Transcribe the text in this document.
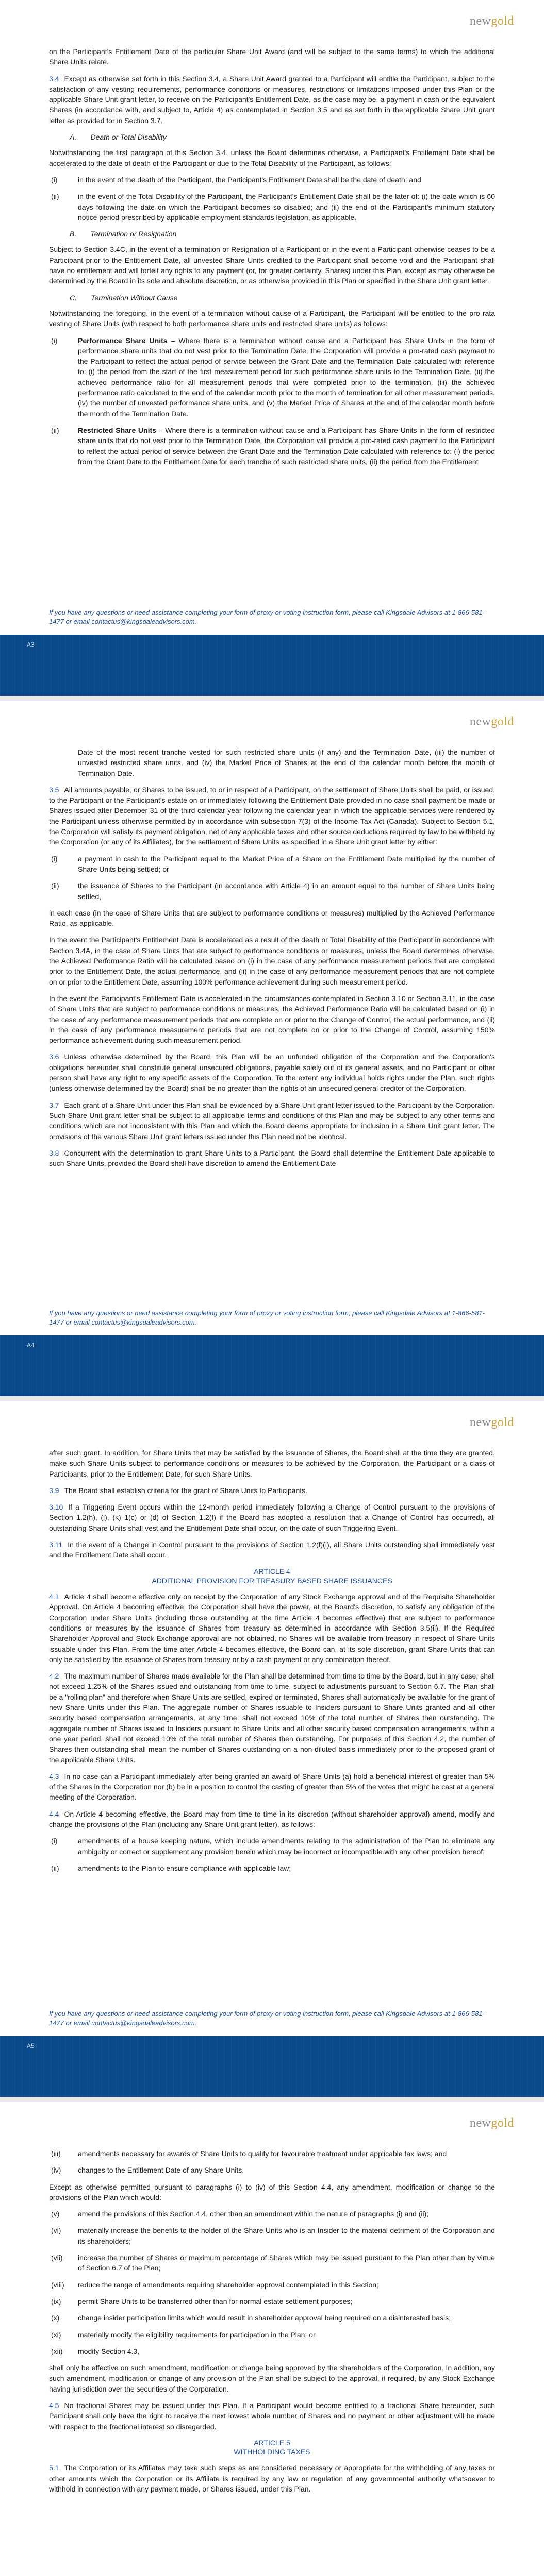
newgold

on the Participant's Entitlement Date of the particular Share Unit Award (and will be subject to the same terms) to which the additional Share Units relate.

3.4 Except as otherwise set forth in this Section 3.4, a Share Unit Award granted to a Participant will entitle the Participant, subject to the satisfaction of any vesting requirements, performance conditions or measures, restrictions or limitations imposed under this Plan or the applicable Share Unit grant letter, to receive on the Participant's Entitlement Date, as the case may be, a payment in cash or the equivalent Shares (in accordance with, and subject to, Article 4) as contemplated in Section 3.5 and as set forth in the applicable Share Unit grant letter as provided for in Section 3.7.

A.       Death or Total Disability

Notwithstanding the first paragraph of this Section 3.4, unless the Board determines otherwise, a Participant's Entitlement Date shall be accelerated to the date of death of the Participant or due to the Total Disability of the Participant, as follows:

(i)	in the event of the death of the Participant, the Participant's Entitlement Date shall be the date of death; and
(ii)	in the event of the Total Disability of the Participant, the Participant's Entitlement Date shall be the later of: (i) the date which is 60 days following the date on which the Participant becomes so disabled; and (ii) the end of the Participant's minimum statutory notice period prescribed by applicable employment standards legislation, as applicable.

B.       Termination or Resignation

Subject to Section 3.4C, in the event of a termination or Resignation of a Participant or in the event a Participant otherwise ceases to be a Participant prior to the Entitlement Date, all unvested Share Units credited to the Participant shall become void and the Participant shall have no entitlement and will forfeit any rights to any payment (or, for greater certainty, Shares) under this Plan, except as may otherwise be determined by the Board in its sole and absolute discretion, or as otherwise provided in this Plan or specified in the Share Unit grant letter.

C.       Termination Without Cause

Notwithstanding the foregoing, in the event of a termination without cause of a Participant, the Participant will be entitled to the pro rata vesting of Share Units (with respect to both performance share units and restricted share units) as follows:

(i)	Performance Share Units – Where there is a termination without cause and a Participant has Share Units in the form of performance share units that do not vest prior to the Termination Date, the Corporation will provide a pro-rated cash payment to the Participant to reflect the actual period of service between the Grant Date and the Termination Date calculated with reference to: (i) the period from the start of the first measurement period for such performance share units to the Termination Date, (ii) the achieved performance ratio for all measurement periods that were completed prior to the termination, (iii) the achieved performance ratio calculated to the end of the calendar month prior to the month of termination for all other measurement periods, (iv) the number of unvested performance share units, and (v) the Market Price of Shares at the end of the calendar month before the month of the Termination Date.
(ii)	Restricted Share Units – Where there is a termination without cause and a Participant has Share Units in the form of restricted share units that do not vest prior to the Termination Date, the Corporation will provide a pro-rated cash payment to the Participant to reflect the actual period of service between the Grant Date and the Termination Date calculated with reference to: (i) the period from the Grant Date to the Entitlement Date for each tranche of such restricted share units, (ii) the period from the Entitlement
If you have any questions or need assistance completing your form of proxy or voting instruction form, please call Kingsdale Advisors at 1-866-581-1477 or email contactus@kingsdaleadvisors.com.
A3
newgold
Date of the most recent tranche vested for such restricted share units (if any) and the Termination Date, (iii) the number of unvested restricted share units, and (iv) the Market Price of Shares at the end of the calendar month before the month of Termination Date.

3.5 All amounts payable, or Shares to be issued, to or in respect of a Participant, on the settlement of Share Units shall be paid, or issued, to the Participant or the Participant's estate on or immediately following the Entitlement Date provided in no case shall payment be made or Shares issued after December 31 of the third calendar year following the calendar year in which the applicable services were rendered by the Participant unless otherwise permitted by in accordance with subsection 7(3) of the Income Tax Act (Canada). Subject to Section 5.1, the Corporation will satisfy its payment obligation, net of any applicable taxes and other source deductions required by law to be withheld by the Corporation (or any of its Affiliates), for the settlement of Share Units as specified in a Share Unit grant letter by either:

(i)	a payment in cash to the Participant equal to the Market Price of a Share on the Entitlement Date multiplied by the number of Share Units being settled; or
(ii)	the issuance of Shares to the Participant (in accordance with Article 4) in an amount equal to the number of Share Units being settled,

in each case (in the case of Share Units that are subject to performance conditions or measures) multiplied by the Achieved Performance Ratio, as applicable.

In the event the Participant's Entitlement Date is accelerated as a result of the death or Total Disability of the Participant in accordance with Section 3.4A, in the case of Share Units that are subject to performance conditions or measures, unless the Board determines otherwise, the Achieved Performance Ratio will be calculated based on (i) in the case of any performance measurement periods that are completed prior to the Entitlement Date, the actual performance, and (ii) in the case of any performance measurement periods that are not complete on or prior to the Entitlement Date, assuming 100% performance achievement during such measurement period.

In the event the Participant's Entitlement Date is accelerated in the circumstances contemplated in Section 3.10 or Section 3.11, in the case of Share Units that are subject to performance conditions or measures, the Achieved Performance Ratio will be calculated based on (i) in the case of any performance measurement periods that are complete on or prior to the Change of Control, the actual performance, and (ii) in the case of any performance measurement periods that are not complete on or prior to the Change of Control, assuming 150% performance achievement during such measurement period.

3.6 Unless otherwise determined by the Board, this Plan will be an unfunded obligation of the Corporation and the Corporation's obligations hereunder shall constitute general unsecured obligations, payable solely out of its general assets, and no Participant or other person shall have any right to any specific assets of the Corporation. To the extent any individual holds rights under the Plan, such rights (unless otherwise determined by the Board) shall be no greater than the rights of an unsecured general creditor of the Corporation.

3.7 Each grant of a Share Unit under this Plan shall be evidenced by a Share Unit grant letter issued to the Participant by the Corporation. Such Share Unit grant letter shall be subject to all applicable terms and conditions of this Plan and may be subject to any other terms and conditions which are not inconsistent with this Plan and which the Board deems appropriate for inclusion in a Share Unit grant letter. The provisions of the various Share Unit grant letters issued under this Plan need not be identical.

3.8 Concurrent with the determination to grant Share Units to a Participant, the Board shall determine the Entitlement Date applicable to such Share Units, provided the Board shall have discretion to amend the Entitlement Date

If you have any questions or need assistance completing your form of proxy or voting instruction form, please call Kingsdale Advisors at 1-866-581-1477 or email contactus@kingsdaleadvisors.com.
A4
newgold

after such grant. In addition, for Share Units that may be satisfied by the issuance of Shares, the Board shall at the time they are granted, make such Share Units subject to performance conditions or measures to be achieved by the Corporation, the Participant or a class of Participants, prior to the Entitlement Date, for such Share Units.

3.9 The Board shall establish criteria for the grant of Share Units to Participants.

3.10 If a Triggering Event occurs within the 12-month period immediately following a Change of Control pursuant to the provisions of Section 1.2(h), (i), (k) 1(c) or (d) of Section 1.2(f) if the Board has adopted a resolution that a Change of Control has occurred), all outstanding Share Units shall vest and the Entitlement Date shall occur, on the date of such Triggering Event.

3.11 In the event of a Change in Control pursuant to the provisions of Section 1.2(f)(i), all Share Units outstanding shall immediately vest and the Entitlement Date shall occur.

ARTICLE 4
ADDITIONAL PROVISION FOR TREASURY BASED SHARE ISSUANCES

4.1 Article 4 shall become effective only on receipt by the Corporation of any Stock Exchange approval and of the Requisite Shareholder Approval. On Article 4 becoming effective, the Corporation shall have the power, at the Board's discretion, to satisfy any obligation of the Corporation under Share Units (including those outstanding at the time Article 4 becomes effective) that are subject to performance conditions or measures by the issuance of Shares from treasury as determined in accordance with Section 3.5(ii). If the Required Shareholder Approval and Stock Exchange approval are not obtained, no Shares will be available from treasury in respect of Share Units issuable under this Plan. From the time after Article 4 becomes effective, the Board can, at its sole discretion, grant Share Units that can only be satisfied by the issuance of Shares from treasury or by a cash payment or any combination thereof.

4.2 The maximum number of Shares made available for the Plan shall be determined from time to time by the Board, but in any case, shall not exceed 1.25% of the Shares issued and outstanding from time to time, subject to adjustments pursuant to Section 6.7. The Plan shall be a "rolling plan" and therefore when Share Units are settled, expired or terminated, Shares shall automatically be available for the grant of new Share Units under this Plan. The aggregate number of Shares issuable to Insiders pursuant to Share Units granted and all other security based compensation arrangements, at any time, shall not exceed 10% of the total number of Shares then outstanding. The aggregate number of Shares issued to Insiders pursuant to Share Units and all other security based compensation arrangements, within a one year period, shall not exceed 10% of the total number of Shares then outstanding. For purposes of this Section 4.2, the number of Shares then outstanding shall mean the number of Shares outstanding on a non-diluted basis immediately prior to the proposed grant of the applicable Share Units.

4.3 In no case can a Participant immediately after being granted an award of Share Units (a) hold a beneficial interest of greater than 5% of the Shares in the Corporation nor (b) be in a position to control the casting of greater than 5% of the votes that might be cast at a general meeting of the Corporation.

4.4 On Article 4 becoming effective, the Board may from time to time in its discretion (without shareholder approval) amend, modify and change the provisions of the Plan (including any Share Unit grant letter), as follows:

(i)	amendments of a house keeping nature, which include amendments relating to the administration of the Plan to eliminate any ambiguity or correct or supplement any provision herein which may be incorrect or incompatible with any other provision hereof;
(ii)	amendments to the Plan to ensure compliance with applicable law;
If you have any questions or need assistance completing your form of proxy or voting instruction form, please call Kingsdale Advisors at 1-866-581-1477 or email contactus@kingsdaleadvisors.com.
A5
newgold
(iii)	amendments necessary for awards of Share Units to qualify for favourable treatment under applicable tax laws; and
(iv)	changes to the Entitlement Date of any Share Units.

Except as otherwise permitted pursuant to paragraphs (i) to (iv) of this Section 4.4, any amendment, modification or change to the provisions of the Plan which would:

(v)	amend the provisions of this Section 4.4, other than an amendment within the nature of paragraphs (i) and (ii);
(vi)	materially increase the benefits to the holder of the Share Units who is an Insider to the material detriment of the Corporation and its shareholders;
(vii)	increase the number of Shares or maximum percentage of Shares which may be issued pursuant to the Plan other than by virtue of Section 6.7 of the Plan;
(viii)	reduce the range of amendments requiring shareholder approval contemplated in this Section;
(ix)	permit Share Units to be transferred other than for normal estate settlement purposes;
(x)	change insider participation limits which would result in shareholder approval being required on a disinterested basis;
(xi)	materially modify the eligibility requirements for participation in the Plan; or
(xii)	modify Section 4.3,

shall only be effective on such amendment, modification or change being approved by the shareholders of the Corporation. In addition, any such amendment, modification or change of any provision of the Plan shall be subject to the approval, if required, by any Stock Exchange having jurisdiction over the securities of the Corporation.

4.5 No fractional Shares may be issued under this Plan. If a Participant would become entitled to a fractional Share hereunder, such Participant shall only have the right to receive the next lowest whole number of Shares and no payment or other adjustment will be made with respect to the fractional interest so disregarded.

ARTICLE 5
WITHHOLDING TAXES

5.1 The Corporation or its Affiliates may take such steps as are considered necessary or appropriate for the withholding of any taxes or other amounts which the Corporation or its Affiliate is required by any law or regulation of any governmental authority whatsoever to withhold in connection with any payment made, or Shares issued, under this Plan.
